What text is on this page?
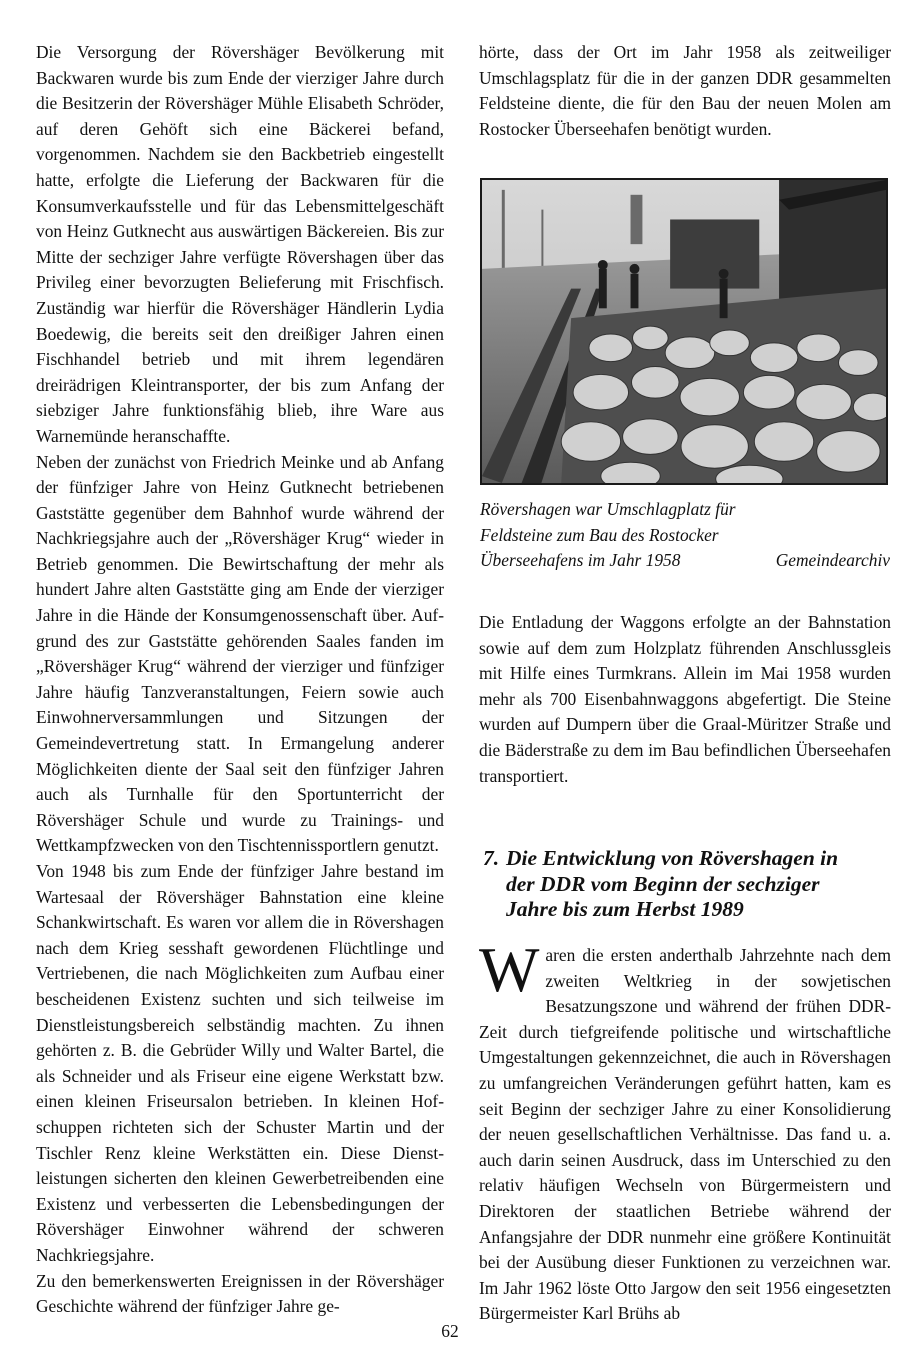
Die Versorgung der Rövershäger Bevölkerung mit Backwaren wurde bis zum Ende der vierziger Jahre durch die Besitzerin der Rövershäger Mühle Elisabeth Schröder, auf deren Gehöft sich eine Bäckerei befand, vorgenommen. Nachdem sie den Backbetrieb eingestellt hatte, erfolgte die Lieferung der Backwaren für die Konsumverkaufsstelle und für das Lebensmittelgeschäft von Heinz Gutknecht aus auswärtigen Bäckereien. Bis zur Mitte der sechziger Jahre verfügte Rövershagen über das Privileg einer bevorzugten Belieferung mit Frischfisch. Zuständig war hierfür die Rövershäger Händlerin Lydia Boedewig, die bereits seit den dreißiger Jahren einen Fischhandel betrieb und mit ihrem legendären dreirädrigen Kleintransporter, der bis zum Anfang der siebziger Jahre funktionsfähig blieb, ihre Ware aus Warnemünde heranschaffte.

Neben der zunächst von Friedrich Meinke und ab Anfang der fünfziger Jahre von Heinz Gutknecht betriebenen Gaststätte gegenüber dem Bahnhof wurde während der Nachkriegsjahre auch der „Rövershäger Krug“ wieder in Betrieb genommen. Die Bewirtschaftung der mehr als hundert Jahre alten Gaststätte ging am Ende der vierziger Jahre in die Hände der Konsumgenossenschaft über. Aufgrund des zur Gaststätte gehörenden Saales fanden im „Rövershäger Krug“ während der vierziger und fünfziger Jahre häufig Tanzveranstaltungen, Feiern sowie auch Einwohnerversammlungen und Sitzungen der Gemeindevertretung statt. In Ermangelung anderer Möglichkeiten diente der Saal seit den fünfziger Jahren auch als Turnhalle für den Sportunterricht der Rövershäger Schule und wurde zu Trainings- und Wettkampfzwecken von den Tischtennissportlern genutzt.

Von 1948 bis zum Ende der fünfziger Jahre bestand im Wartesaal der Rövershäger Bahnstation eine kleine Schankwirtschaft. Es waren vor allem die in Rövershagen nach dem Krieg sesshaft gewordenen Flüchtlinge und Vertriebenen, die nach Möglichkeiten zum Aufbau einer bescheidenen Existenz suchten und sich teilweise im Dienstleistungsbereich selbständig machten. Zu ihnen gehörten z. B. die Gebrüder Willy und Walter Bartel, die als Schneider und als Friseur eine eigene Werkstatt bzw. einen kleinen Friseursalon betrieben. In kleinen Hofschuppen richteten sich der Schuster Martin und der Tischler Renz kleine Werkstätten ein. Diese Dienstleistungen sicherten den kleinen Gewerbetreibenden eine Existenz und verbesserten die Lebensbedingungen der Rövershäger Einwohner während der schweren Nachkriegsjahre.

Zu den bemerkenswerten Ereignissen in der Rövershäger Geschichte während der fünfziger Jahre ge-

hörte, dass der Ort im Jahr 1958 als zeitweiliger Umschlagsplatz für die in der ganzen DDR gesammelten Feldsteine diente, die für den Bau der neuen Molen am Rostocker Überseehafen benötigt wurden.

Rövershagen war Umschlagplatz für
Feldsteine zum Bau des Rostocker
Überseehafens im Jahr 1958	Gemeindearchiv

Die Entladung der Waggons erfolgte an der Bahnstation sowie auf dem zum Holzplatz führenden Anschlussgleis mit Hilfe eines Turmkrans. Allein im Mai 1958 wurden mehr als 700 Eisenbahnwaggons abgefertigt. Die Steine wurden auf Dumpern über die Graal-Müritzer Straße und die Bäderstraße zu dem im Bau befindlichen Überseehafen transportiert.

7. Die Entwicklung von Rövershagen in
der DDR vom Beginn der sechziger
Jahre bis zum Herbst 1989

Waren die ersten anderthalb Jahrzehnte nach dem zweiten Weltkrieg in der sowjetischen Besatzungszone und während der frühen DDR-Zeit durch tiefgreifende politische und wirtschaftliche Umgestaltungen gekennzeichnet, die auch in Rövershagen zu umfangreichen Veränderungen geführt hatten, kam es seit Beginn der sechziger Jahre zu einer Konsolidierung der neuen gesellschaftlichen Verhältnisse. Das fand u. a. auch darin seinen Ausdruck, dass im Unterschied zu den relativ häufigen Wechseln von Bürgermeistern und Direktoren der staatlichen Betriebe während der Anfangsjahre der DDR nunmehr eine größere Kontinuität bei der Ausübung dieser Funktionen zu verzeichnen war. Im Jahr 1962 löste Otto Jargow den seit 1956 eingesetzten Bürgermeister Karl Brühs ab

62
